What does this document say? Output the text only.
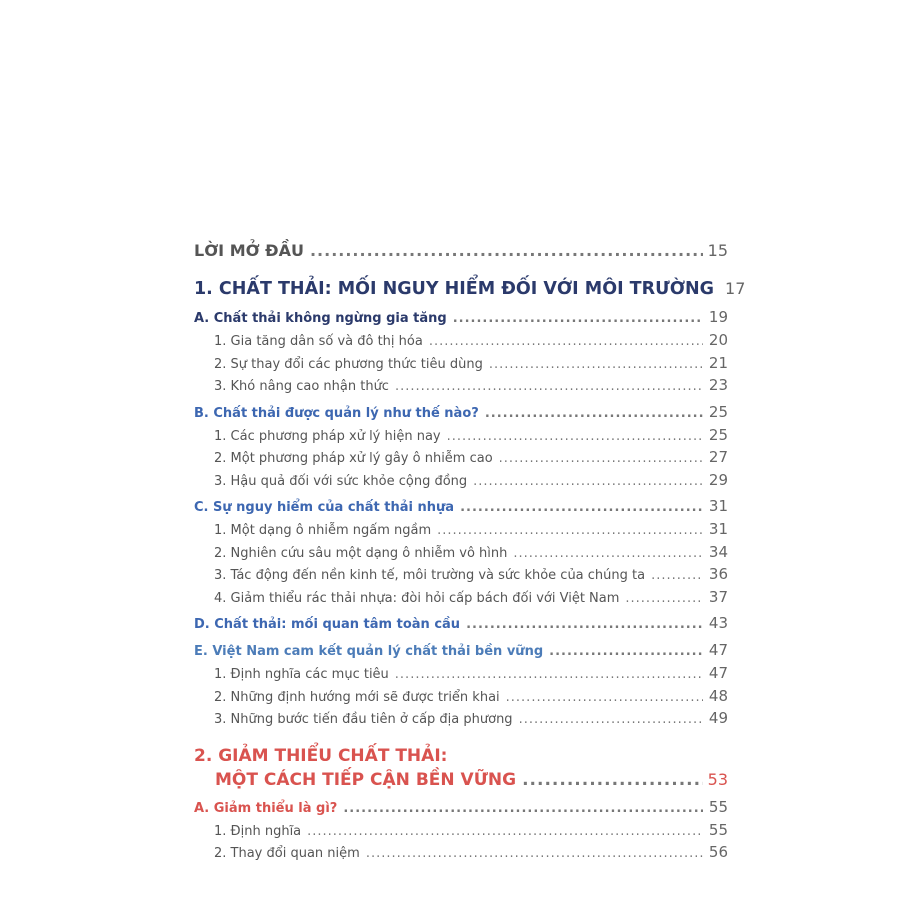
LỜI MỞ ĐẦU .....	15
1. CHẤT THẢI: MỐI NGUY HIỂM ĐỐI VỚI MÔI TRƯỜNG 17
A. Chất thải không ngừng gia tăng .....	19
1. Gia tăng dân số và đô thị hóa .....	20
2. Sự thay đổi các phương thức tiêu dùng .....	21
3. Khó nâng cao nhận thức .....	23
B. Chất thải được quản lý như thế nào? .....	25
1. Các phương pháp xử lý hiện nay .....	25
2. Một phương pháp xử lý gây ô nhiễm cao .....	27
3. Hậu quả đối với sức khỏe cộng đồng .....	29
C. Sự nguy hiểm của chất thải nhựa .....	31
1. Một dạng ô nhiễm ngấm ngầm .....	31
2. Nghiên cứu sâu một dạng ô nhiễm vô hình .....	34
3. Tác động đến nền kinh tế, môi trường và sức khỏe của chúng ta .....	36
4. Giảm thiểu rác thải nhựa: đòi hỏi cấp bách đối với Việt Nam .....	37
D. Chất thải: mối quan tâm toàn cầu .....	43
E. Việt Nam cam kết quản lý chất thải bền vững .....	47
1. Định nghĩa các mục tiêu .....	47
2. Những định hướng mới sẽ được triển khai .....	48
3. Những bước tiến đầu tiên ở cấp địa phương .....	49
2. GIẢM THIỂU CHẤT THẢI:
MỘT CÁCH TIẾP CẬN BỀN VỮNG .....	53
A. Giảm thiểu là gì? .....	55
1. Định nghĩa .....	55
2. Thay đổi quan niệm .....	56
